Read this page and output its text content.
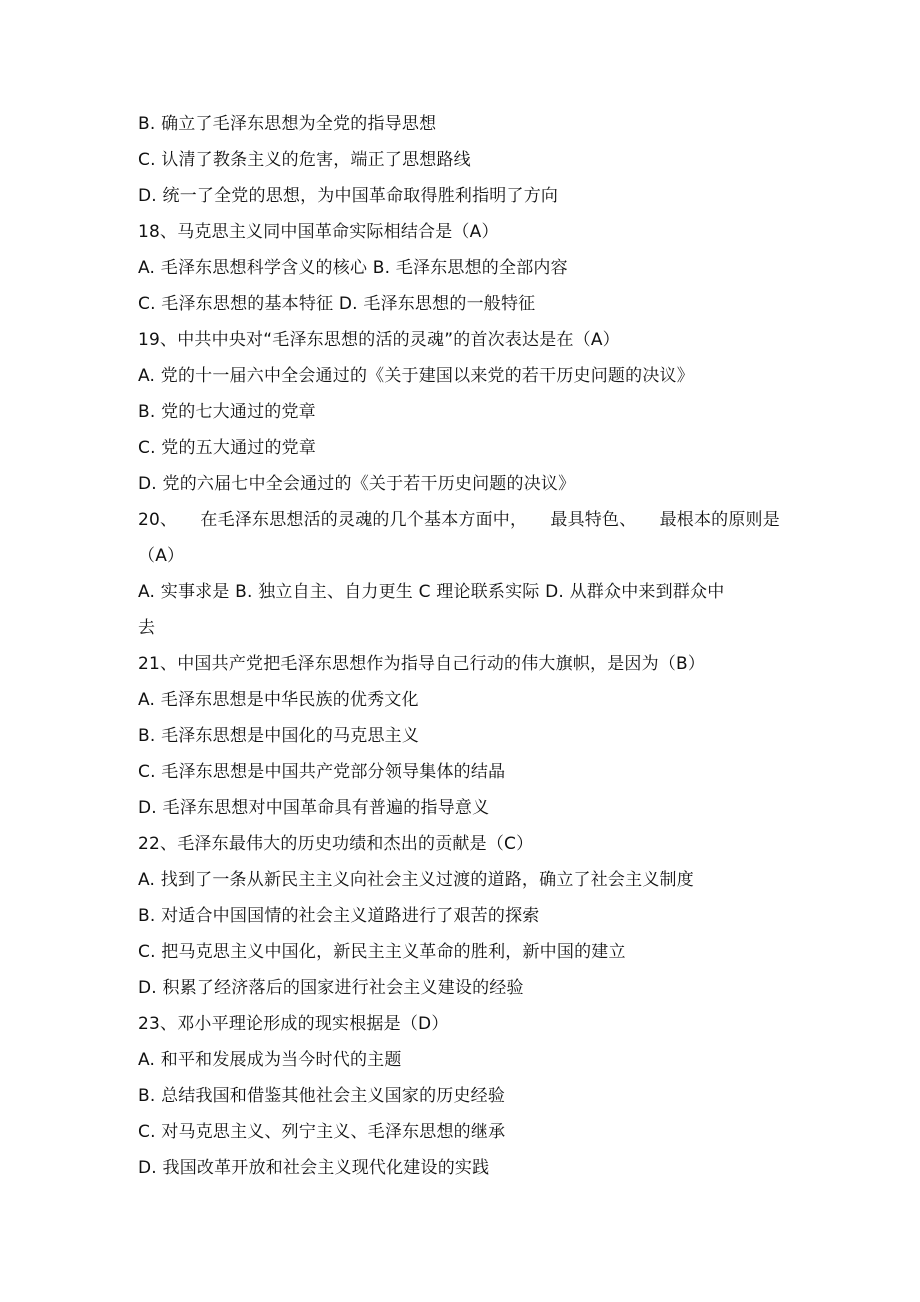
B. 确立了毛泽东思想为全党的指导思想
C. 认清了教条主义的危害，端正了思想路线
D. 统一了全党的思想，为中国革命取得胜利指明了方向
18、马克思主义同中国革命实际相结合是（A）
A. 毛泽东思想科学含义的核心 B. 毛泽东思想的全部内容
C. 毛泽东思想的基本特征 D. 毛泽东思想的一般特征
19、中共中央对“毛泽东思想的活的灵魂”的首次表达是在（A）
A. 党的十一届六中全会通过的《关于建国以来党的若干历史问题的决议》
B. 党的七大通过的党章
C. 党的五大通过的党章
D. 党的六届七中全会通过的《关于若干历史问题的决议》
20、 在毛泽东思想活的灵魂的几个基本方面中， 最具特色、 最根本的原则是
（A）
A. 实事求是 B. 独立自主、自力更生 C 理论联系实际 D. 从群众中来到群众中
去
21、中国共产党把毛泽东思想作为指导自己行动的伟大旗帜，是因为（B）
A. 毛泽东思想是中华民族的优秀文化
B. 毛泽东思想是中国化的马克思主义
C. 毛泽东思想是中国共产党部分领导集体的结晶
D. 毛泽东思想对中国革命具有普遍的指导意义
22、毛泽东最伟大的历史功绩和杰出的贡献是（C）
A. 找到了一条从新民主主义向社会主义过渡的道路，确立了社会主义制度
B. 对适合中国国情的社会主义道路进行了艰苦的探索
C. 把马克思主义中国化，新民主主义革命的胜利，新中国的建立
D. 积累了经济落后的国家进行社会主义建设的经验
23、邓小平理论形成的现实根据是（D）
A. 和平和发展成为当今时代的主题
B. 总结我国和借鉴其他社会主义国家的历史经验
C. 对马克思主义、列宁主义、毛泽东思想的继承
D. 我国改革开放和社会主义现代化建设的实践
